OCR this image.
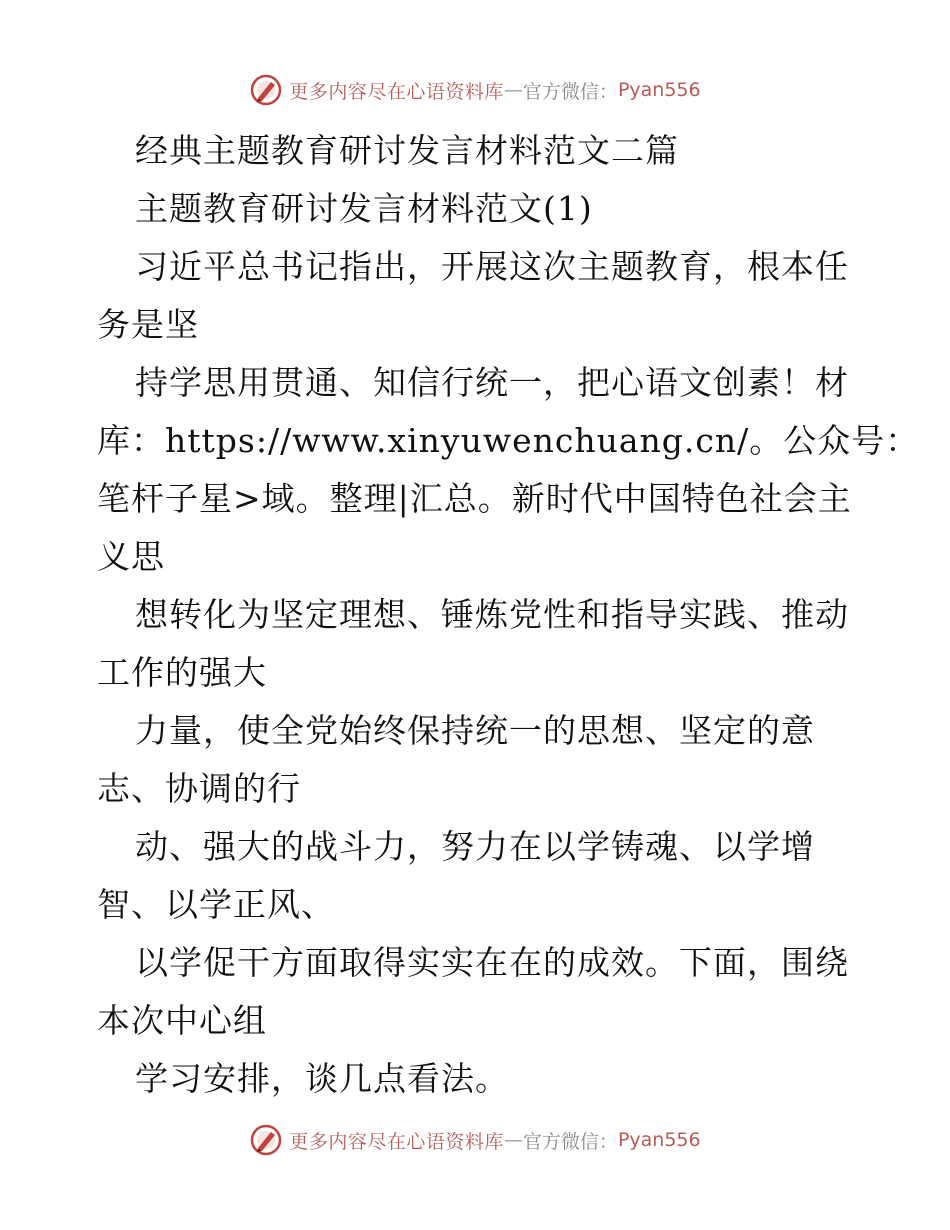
更多内容尽在心语资料库 — 官方微信： Pyan556
经典主题教育研讨发言材料范文二篇
主题教育研讨发言材料范文(1)
习近平总书记指出，开展这次主题教育，根本任
务是坚
持学思用贯通、知信行统一，把心语文创素！材
库：https://www.xinyuwenchuang.cn/。公众号：
笔杆子星>域。整理|汇总。新时代中国特色社会主
义思
想转化为坚定理想、锤炼党性和指导实践、推动
工作的强大
力量，使全党始终保持统一的思想、坚定的意
志、协调的行
动、强大的战斗力，努力在以学铸魂、以学增
智、以学正风、
以学促干方面取得实实在在的成效。下面，围绕
本次中心组
学习安排，谈几点看法。
更多内容尽在心语资料库 — 官方微信： Pyan556
